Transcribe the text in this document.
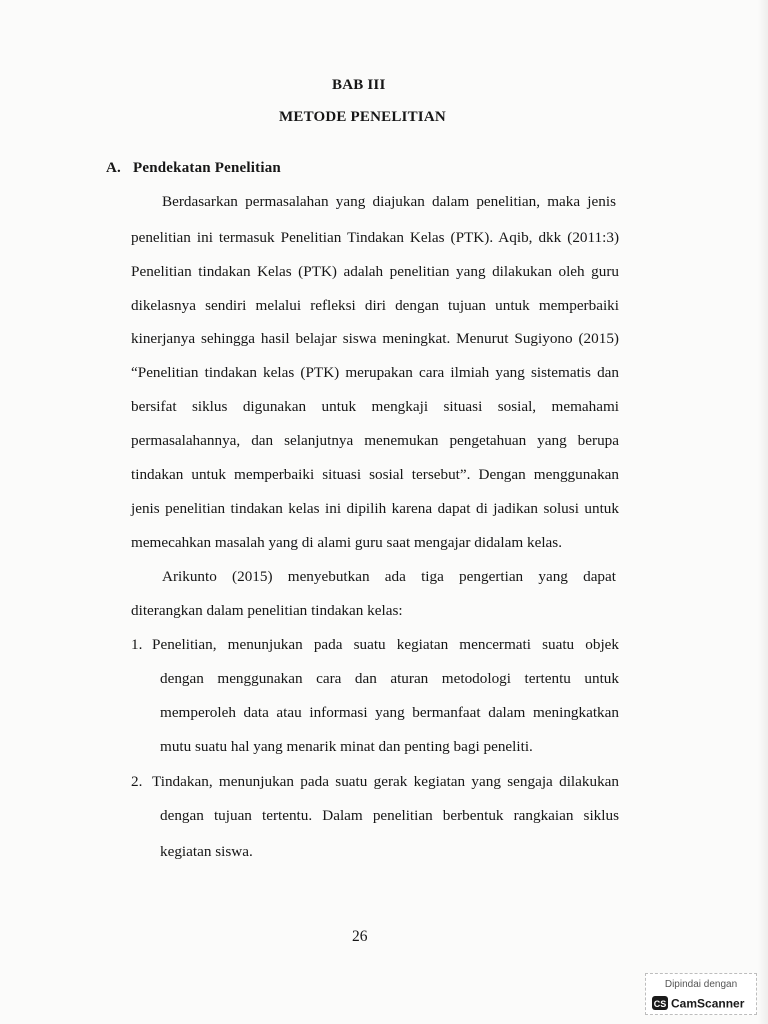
BAB III

METODE PENELITIAN

A. Pendekatan Penelitian

Berdasarkan permasalahan yang diajukan dalam penelitian, maka jenis

penelitian ini termasuk Penelitian Tindakan Kelas (PTK). Aqib, dkk (2011:3)

Penelitian tindakan Kelas (PTK) adalah penelitian yang dilakukan oleh guru

dikelasnya sendiri melalui refleksi diri dengan tujuan untuk memperbaiki

kinerjanya sehingga hasil belajar siswa meningkat. Menurut Sugiyono (2015)

“Penelitian tindakan kelas (PTK) merupakan cara ilmiah yang sistematis dan

bersifat siklus digunakan untuk mengkaji situasi sosial, memahami

permasalahannya, dan selanjutnya menemukan pengetahuan yang berupa

tindakan untuk memperbaiki situasi sosial tersebut”. Dengan menggunakan

jenis penelitian tindakan kelas ini dipilih karena dapat di jadikan solusi untuk

memecahkan masalah yang di alami guru saat mengajar didalam kelas.

Arikunto (2015) menyebutkan ada tiga pengertian yang dapat

diterangkan dalam penelitian tindakan kelas:

1. Penelitian, menunjukan pada suatu kegiatan mencermati suatu objek

dengan menggunakan cara dan aturan metodologi tertentu untuk

memperoleh data atau informasi yang bermanfaat dalam meningkatkan

mutu suatu hal yang menarik minat dan penting bagi peneliti.

2. Tindakan, menunjukan pada suatu gerak kegiatan yang sengaja dilakukan

dengan tujuan tertentu. Dalam penelitian berbentuk rangkaian siklus

kegiatan siswa.

26

Dipindai dengan
CS CamScanner
